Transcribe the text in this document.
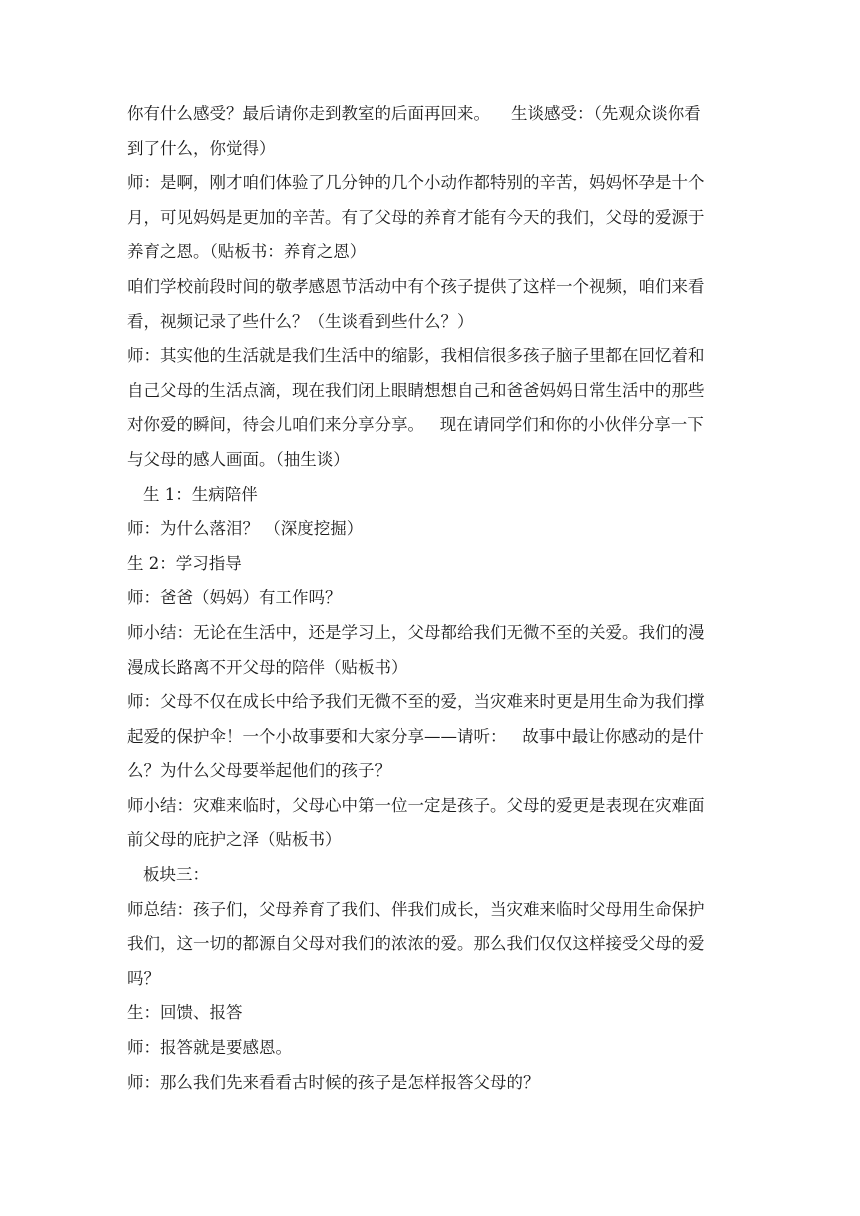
你有什么感受？最后请你走到教室的后面再回来。    生谈感受：（先观众谈你看

到了什么，你觉得）

师：是啊，刚才咱们体验了几分钟的几个小动作都特别的辛苦，妈妈怀孕是十个

月，可见妈妈是更加的辛苦。有了父母的养育才能有今天的我们，父母的爱源于

养育之恩。（贴板书：养育之恩）

咱们学校前段时间的敬孝感恩节活动中有个孩子提供了这样一个视频，咱们来看

看，视频记录了些什么？（生谈看到些什么？）

师：其实他的生活就是我们生活中的缩影，我相信很多孩子脑子里都在回忆着和

自己父母的生活点滴，现在我们闭上眼睛想想自己和爸爸妈妈日常生活中的那些

对你爱的瞬间，待会儿咱们来分享分享。   现在请同学们和你的小伙伴分享一下

与父母的感人画面。（抽生谈）

生 1：生病陪伴

师：为什么落泪？ （深度挖掘）

生 2：学习指导

师：爸爸（妈妈）有工作吗？

师小结：无论在生活中，还是学习上，父母都给我们无微不至的关爱。我们的漫

漫成长路离不开父母的陪伴（贴板书）

师：父母不仅在成长中给予我们无微不至的爱，当灾难来时更是用生命为我们撑

起爱的保护伞！一个小故事要和大家分享——请听：   故事中最让你感动的是什

么？为什么父母要举起他们的孩子？

师小结：灾难来临时，父母心中第一位一定是孩子。父母的爱更是表现在灾难面

前父母的庇护之泽（贴板书）

板块三：

师总结：孩子们，父母养育了我们、伴我们成长，当灾难来临时父母用生命保护

我们，这一切的都源自父母对我们的浓浓的爱。那么我们仅仅这样接受父母的爱

吗？

生：回馈、报答

师：报答就是要感恩。

师：那么我们先来看看古时候的孩子是怎样报答父母的？
